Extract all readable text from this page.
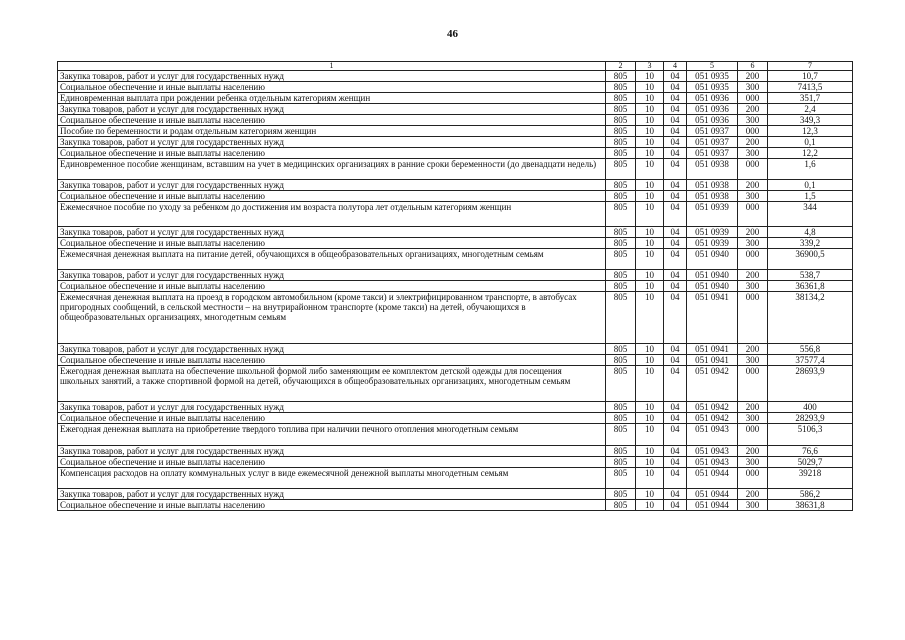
46
1	2	3	4	5	6	7
Закупка товаров, работ и услуг для государственных нужд	805	10	04	051 0935	200	10,7
Социальное обеспечение и иные выплаты населению	805	10	04	051 0935	300	7413,5
Единовременная выплата при рождении ребенка отдельным категориям женщин	805	10	04	051 0936	000	351,7
Закупка товаров, работ и услуг для государственных нужд	805	10	04	051 0936	200	2,4
Социальное обеспечение и иные выплаты населению	805	10	04	051 0936	300	349,3
Пособие по беременности и родам отдельным категориям женщин	805	10	04	051 0937	000	12,3
Закупка товаров, работ и услуг для государственных нужд	805	10	04	051 0937	200	0,1
Социальное обеспечение и иные выплаты населению	805	10	04	051 0937	300	12,2
Единовременное пособие женщинам, вставшим на учет в медицинских организациях в ранние сроки беременности (до двенадцати недель)	805	10	04	051 0938	000	1,6
Закупка товаров, работ и услуг для государственных нужд	805	10	04	051 0938	200	0,1
Социальное обеспечение и иные выплаты населению	805	10	04	051 0938	300	1,5
Ежемесячное пособие по уходу за ребенком до достижения им возраста полутора лет отдельным категориям женщин	805	10	04	051 0939	000	344
Закупка товаров, работ и услуг для государственных нужд	805	10	04	051 0939	200	4,8
Социальное обеспечение и иные выплаты населению	805	10	04	051 0939	300	339,2
Ежемесячная денежная выплата на питание детей, обучающихся в общеобразовательных организациях, многодетным семьям	805	10	04	051 0940	000	36900,5
Закупка товаров, работ и услуг для государственных нужд	805	10	04	051 0940	200	538,7
Социальное обеспечение и иные выплаты населению	805	10	04	051 0940	300	36361,8
Ежемесячная денежная выплата на проезд в городском автомобильном (кроме такси) и электрифицированном транспорте, в автобусах пригородных сообщений, в сельской местности – на внутрирайонном транспорте (кроме такси) на детей, обучающихся в общеобразовательных организациях, многодетным семьям	805	10	04	051 0941	000	38134,2
Закупка товаров, работ и услуг для государственных нужд	805	10	04	051 0941	200	556,8
Социальное обеспечение и иные выплаты населению	805	10	04	051 0941	300	37577,4
Ежегодная денежная выплата на обеспечение школьной формой либо заменяющим ее комплектом детской одежды для посещения школьных занятий, а также спортивной формой на детей, обучающихся в общеобразовательных организациях, многодетным семьям	805	10	04	051 0942	000	28693,9
Закупка товаров, работ и услуг для государственных нужд	805	10	04	051 0942	200	400
Социальное обеспечение и иные выплаты населению	805	10	04	051 0942	300	28293,9
Ежегодная денежная выплата на приобретение твердого топлива при наличии печного отопления многодетным семьям	805	10	04	051 0943	000	5106,3
Закупка товаров, работ и услуг для государственных нужд	805	10	04	051 0943	200	76,6
Социальное обеспечение и иные выплаты населению	805	10	04	051 0943	300	5029,7
Компенсация расходов на оплату коммунальных услуг в виде ежемесячной денежной выплаты многодетным семьям	805	10	04	051 0944	000	39218
Закупка товаров, работ и услуг для государственных нужд	805	10	04	051 0944	200	586,2
Социальное обеспечение и иные выплаты населению	805	10	04	051 0944	300	38631,8
